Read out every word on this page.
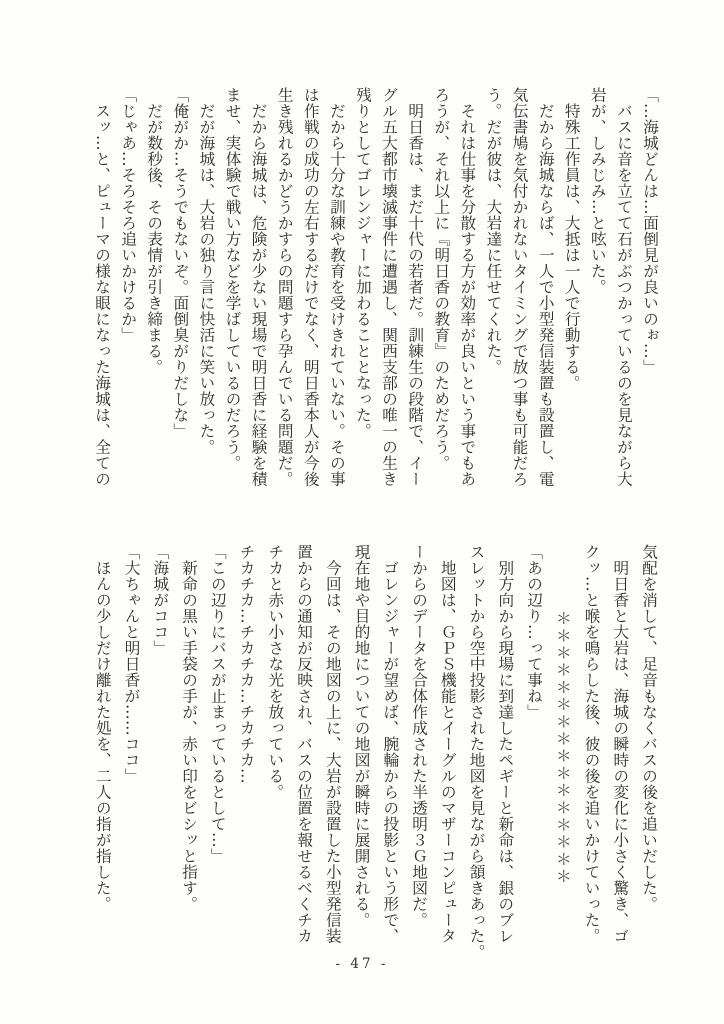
「…海城どんは…面倒見が良いのぉ…」
バスに音を立てて石がぶつかっているのを見ながら大
岩が、しみじみ…と呟いた。
特殊工作員は、大抵は一人で行動する。
だから海城ならば、一人で小型発信装置も設置し、電
気伝書鳩を気付かれないタイミングで放つ事も可能だろ
う。だが彼は、大岩達に任せてくれた。
それは仕事を分散する方が効率が良いという事でもあ
ろうが、それ以上に『明日香の教育』のためだろう。
明日香は、まだ十代の若者だ。訓練生の段階で、イー
グル五大都市壊滅事件に遭遇し、関西支部の唯一の生き
残りとしてゴレンジャーに加わることとなった。
だから十分な訓練や教育を受けきれていない。その事
は作戦の成功の左右するだけでなく、明日香本人が今後
生き残れるかどうかすらの問題すら孕んでいる問題だ。
だから海城は、危険が少ない現場で明日香に経験を積
ませ、実体験で戦い方などを学ばしているのだろう。
だが海城は、大岩の独り言に快活に笑い放った。
「俺がか…そうでもないぞ。面倒臭がりだしな」
だが数秒後、その表情が引き締まる。
「じゃあ…そろそろ追いかけるか」
スッ…と、ピューマの様な眼になった海城は、全ての
気配を消して、足音もなくバスの後を追いだした。
明日香と大岩は、海城の瞬時の変化に小さく驚き、ゴ
クッ…と喉を鳴らした後、彼の後を追いかけていった。
＊＊＊＊＊＊＊＊＊＊＊＊＊＊＊＊
「あの辺り…って事ね」
別方向から現場に到達したペギーと新命は、銀のブレ
スレットから空中投影された地図を見ながら頷きあった。
地図は、ＧＰＳ機能とイーグルのマザーコンピュータ
ーからのデータを合体作成された半透明３Ｇ地図だ。
ゴレンジャーが望めば、腕輪からの投影という形で、
現在地や目的地についての地図が瞬時に展開される。
今回は、その地図の上に、大岩が設置した小型発信装
置からの通知が反映され、バスの位置を報せるべくチカ
チカと赤い小さな光を放っている。
チカチカ…チカチカ…チカチカ…
「この辺りにバスが止まっているとして…」
新命の黒い手袋の手が、赤い印をビシッと指す。
「海城がココ」
「大ちゃんと明日香が……ココ」
ほんの少しだけ離れた処を、二人の指が指した。
- 47 -
